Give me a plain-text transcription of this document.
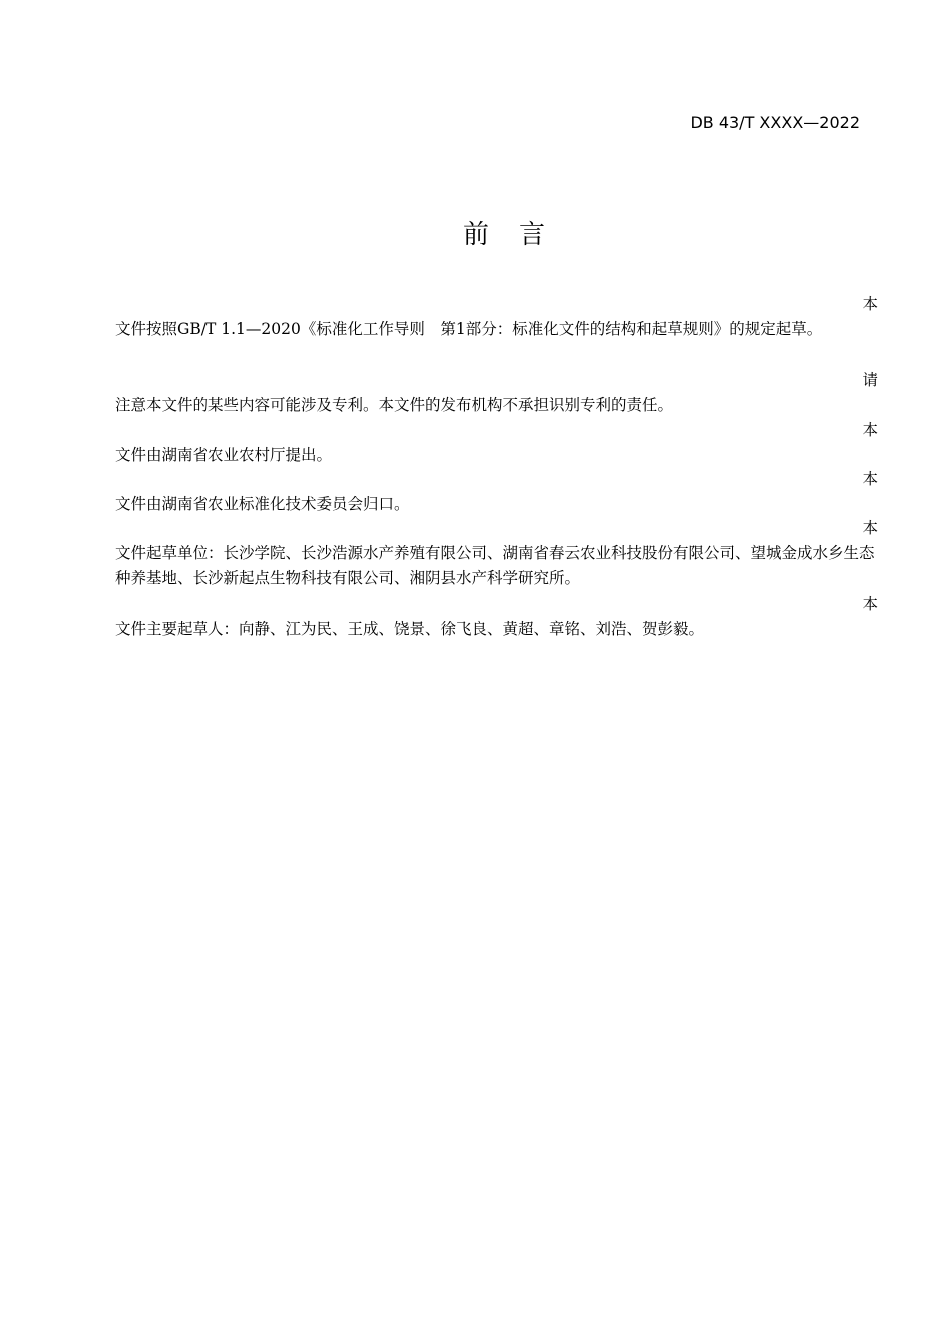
DB 43/T XXXX—2022
前 言
本
文件按照GB/T 1.1—2020《标准化工作导则　第1部分：标准化文件的结构和起草规则》的规定起草。
请
注意本文件的某些内容可能涉及专利。本文件的发布机构不承担识别专利的责任。
本
文件由湖南省农业农村厅提出。
本
文件由湖南省农业标准化技术委员会归口。
本
文件起草单位：长沙学院、长沙浩源水产养殖有限公司、湖南省春云农业科技股份有限公司、望城金成水乡生态种养基地、长沙新起点生物科技有限公司、湘阴县水产科学研究所。
本
文件主要起草人：向静、江为民、王成、饶景、徐飞良、黄超、章铭、刘浩、贺彭毅。
